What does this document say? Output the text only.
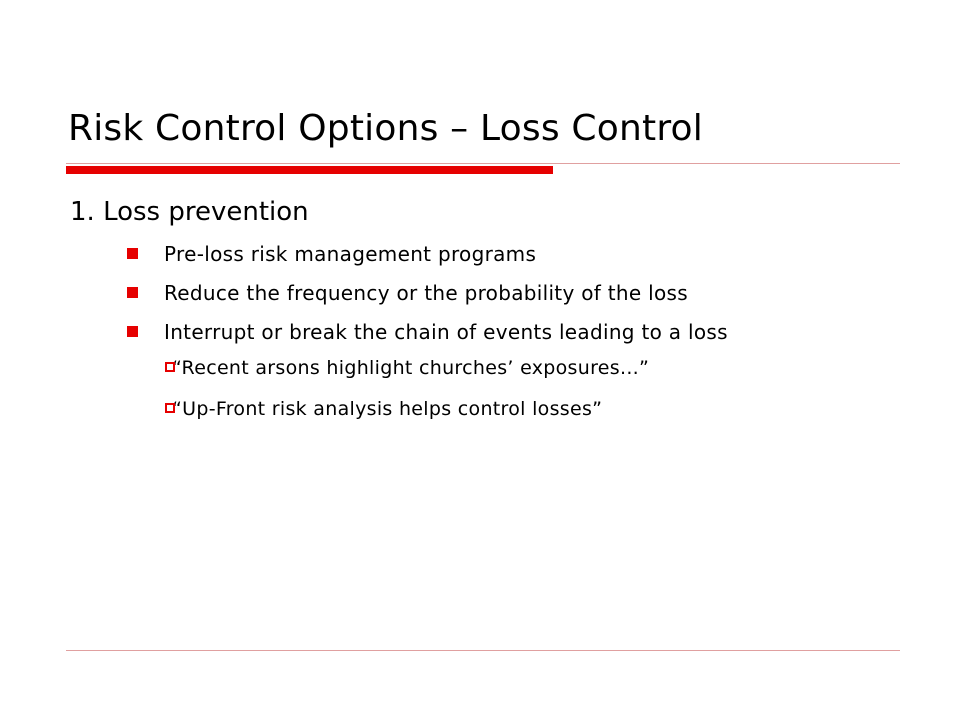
Risk Control Options – Loss Control
1. Loss prevention
Pre-loss risk management programs
Reduce the frequency or the probability of the loss
Interrupt or break the chain of events leading to a loss
“Recent arsons highlight churches’ exposures...”
“Up-Front risk analysis helps control losses”
